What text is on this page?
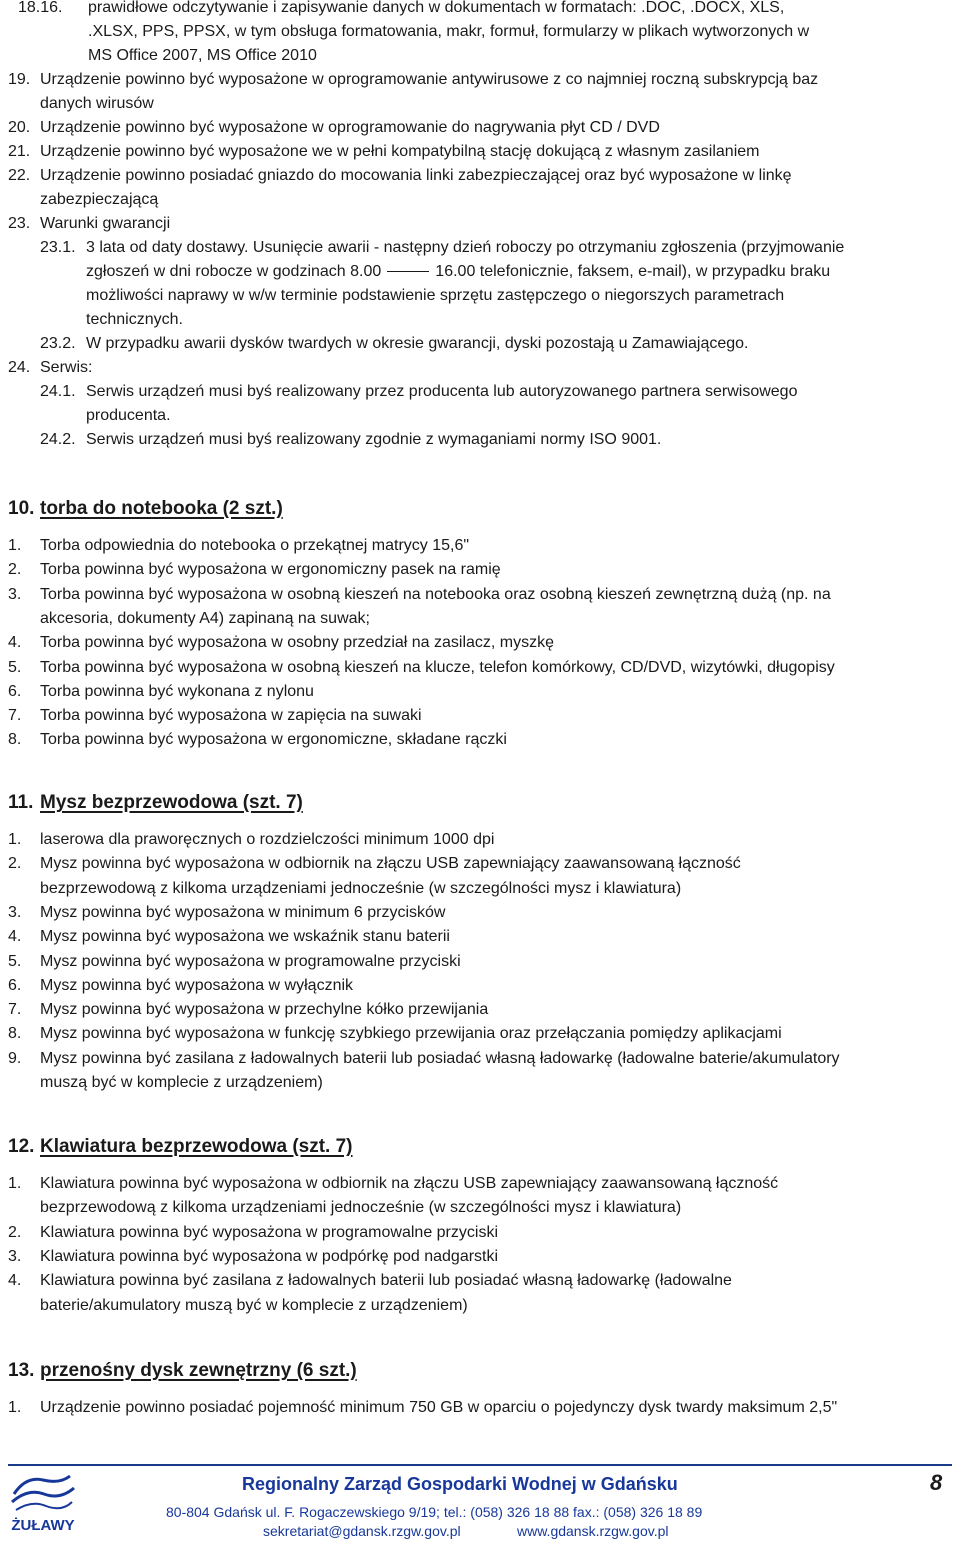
18.16. prawidłowe odczytywanie i zapisywanie danych w dokumentach w formatach: .DOC, .DOCX, XLS,
.XLSX, PPS, PPSX, w tym obsługa formatowania, makr, formuł, formularzy w plikach wytworzonych w
MS Office 2007, MS Office 2010
19. Urządzenie powinno być wyposażone w oprogramowanie antywirusowe z co najmniej roczną subskrypcją baz
danych wirusów
20. Urządzenie powinno być wyposażone w oprogramowanie do nagrywania płyt CD / DVD
21. Urządzenie powinno być wyposażone we w pełni kompatybilną stację dokującą z własnym zasilaniem
22. Urządzenie powinno posiadać gniazdo do mocowania linki zabezpieczającej oraz być wyposażone w linkę
zabezpieczającą
23. Warunki gwarancji
23.1. 3 lata od daty dostawy. Usunięcie awarii - następny dzień roboczy po otrzymaniu zgłoszenia (przyjmowanie
zgłoszeń w dni robocze w godzinach 8.00	16.00 telefonicznie, faksem, e-mail), w przypadku braku
możliwości naprawy w w/w terminie podstawienie sprzętu zastępczego o niegorszych parametrach
technicznych.
23.2. W przypadku awarii dysków twardych w okresie gwarancji, dyski pozostają u Zamawiającego.
24. Serwis:
24.1. Serwis urządzeń musi byś realizowany przez producenta lub autoryzowanego partnera serwisowego
producenta.
24.2. Serwis urządzeń musi byś realizowany zgodnie z wymaganiami normy ISO 9001.
10. torba do notebooka (2 szt.)
1. Torba odpowiednia do notebooka o przekątnej matrycy 15,6"
2. Torba powinna być wyposażona w ergonomiczny pasek na ramię
3. Torba powinna być wyposażona w osobną kieszeń na notebooka oraz osobną kieszeń zewnętrzną dużą (np. na
akcesoria, dokumenty A4) zapinaną na suwak;
4. Torba powinna być wyposażona w osobny przedział na zasilacz, myszkę
5. Torba powinna być wyposażona w osobną kieszeń na klucze, telefon komórkowy, CD/DVD, wizytówki, długopisy
6. Torba powinna być wykonana z nylonu
7. Torba powinna być wyposażona w zapięcia na suwaki
8. Torba powinna być wyposażona w ergonomiczne, składane rączki
11. Mysz bezprzewodowa (szt. 7)
1. laserowa dla praworęcznych o rozdzielczości minimum 1000 dpi
2. Mysz powinna być wyposażona w odbiornik na złączu USB zapewniający zaawansowaną łączność
bezprzewodową z kilkoma urządzeniami jednocześnie (w szczególności mysz i klawiatura)
3. Mysz powinna być wyposażona w minimum 6 przycisków
4. Mysz powinna być wyposażona we wskaźnik stanu baterii
5. Mysz powinna być wyposażona w programowalne przyciski
6. Mysz powinna być wyposażona w wyłącznik
7. Mysz powinna być wyposażona w przechylne kółko przewijania
8. Mysz powinna być wyposażona w funkcję szybkiego przewijania oraz przełączania pomiędzy aplikacjami
9. Mysz powinna być zasilana z ładowalnych baterii lub posiadać własną ładowarkę (ładowalne baterie/akumulatory
muszą być w komplecie z urządzeniem)
12. Klawiatura bezprzewodowa (szt. 7)
1. Klawiatura powinna być wyposażona w odbiornik na złączu USB zapewniający zaawansowaną łączność
bezprzewodową z kilkoma urządzeniami jednocześnie (w szczególności mysz i klawiatura)
2. Klawiatura powinna być wyposażona w programowalne przyciski
3. Klawiatura powinna być wyposażona w podpórkę pod nadgarstki
4. Klawiatura powinna być zasilana z ładowalnych baterii lub posiadać własną ładowarkę (ładowalne
baterie/akumulatory muszą być w komplecie z urządzeniem)
13. przenośny dysk zewnętrzny (6 szt.)
1. Urządzenie powinno posiadać pojemność minimum 750 GB w oparciu o pojedynczy dysk twardy maksimum 2,5"
ŻUŁAWY
Regionalny Zarząd Gospodarki Wodnej w Gdańsku
80-804 Gdańsk ul. F. Rogaczewskiego 9/19; tel.: (058) 326 18 88 fax.: (058) 326 18 89
sekretariat@gdansk.rzgw.gov.pl	www.gdansk.rzgw.gov.pl
8
